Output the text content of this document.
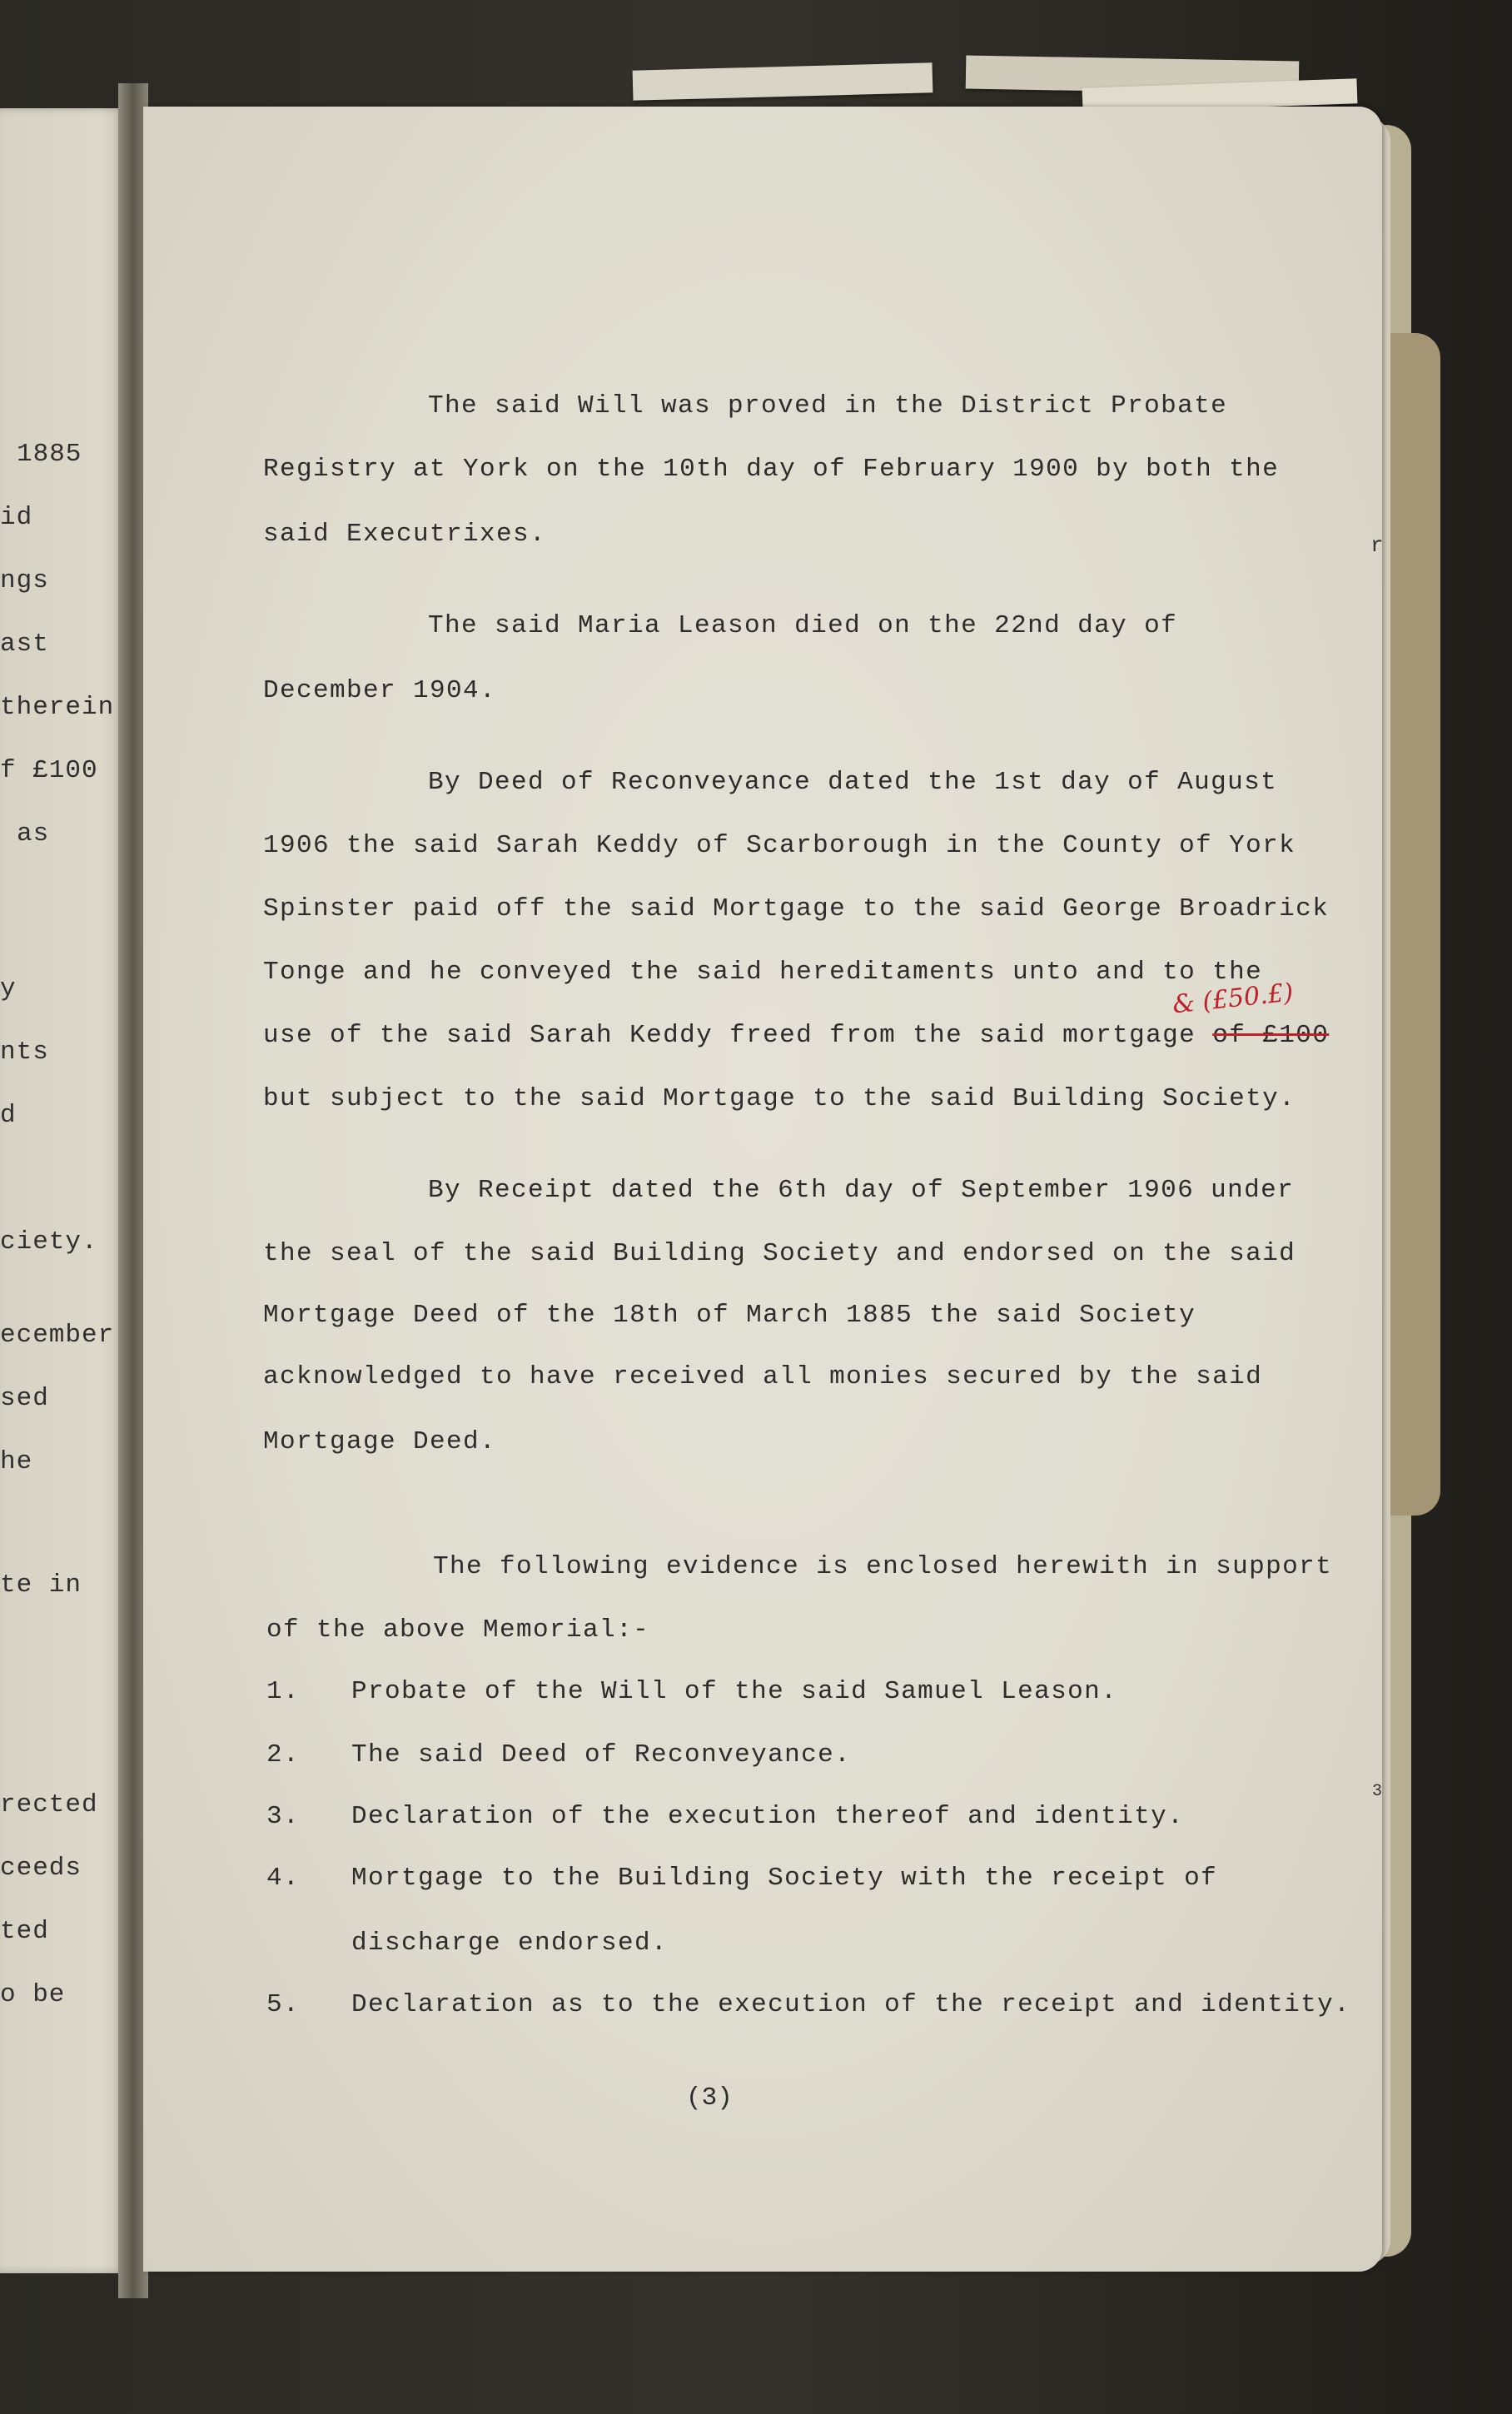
1885
id
ngs
ast
therein
f £100
as
y
nts
d
ciety.
ecember
sed
he
te in
rected
ceeds
ted
o be
The said Will was proved in the District Probate
Registry at York on the 10th day of February 1900 by both the
said Executrixes.
The said Maria Leason died on the 22nd day of
December 1904.
By Deed of Reconveyance dated the 1st day of August
1906 the said Sarah Keddy of Scarborough in the County of York
Spinster paid off the said Mortgage to the said George Broadrick
Tonge and he conveyed the said hereditaments unto and to the
use of the said Sarah Keddy freed from the said mortgage of £100
& (£50.£)
but subject to the said Mortgage to the said Building Society.
By Receipt dated the 6th day of September 1906 under
the seal of the said Building Society and endorsed on the said
Mortgage Deed of the 18th of March 1885 the said Society
acknowledged to have received all monies secured by the said
Mortgage Deed.
The following evidence is enclosed herewith in support
of the above Memorial:-
1. Probate of the Will of the said Samuel Leason.
2. The said Deed of Reconveyance.
3. Declaration of the execution thereof and identity.
4. Mortgage to the Building Society with the receipt of
discharge endorsed.
5. Declaration as to the execution of the receipt and identity.
(3)
r
3
